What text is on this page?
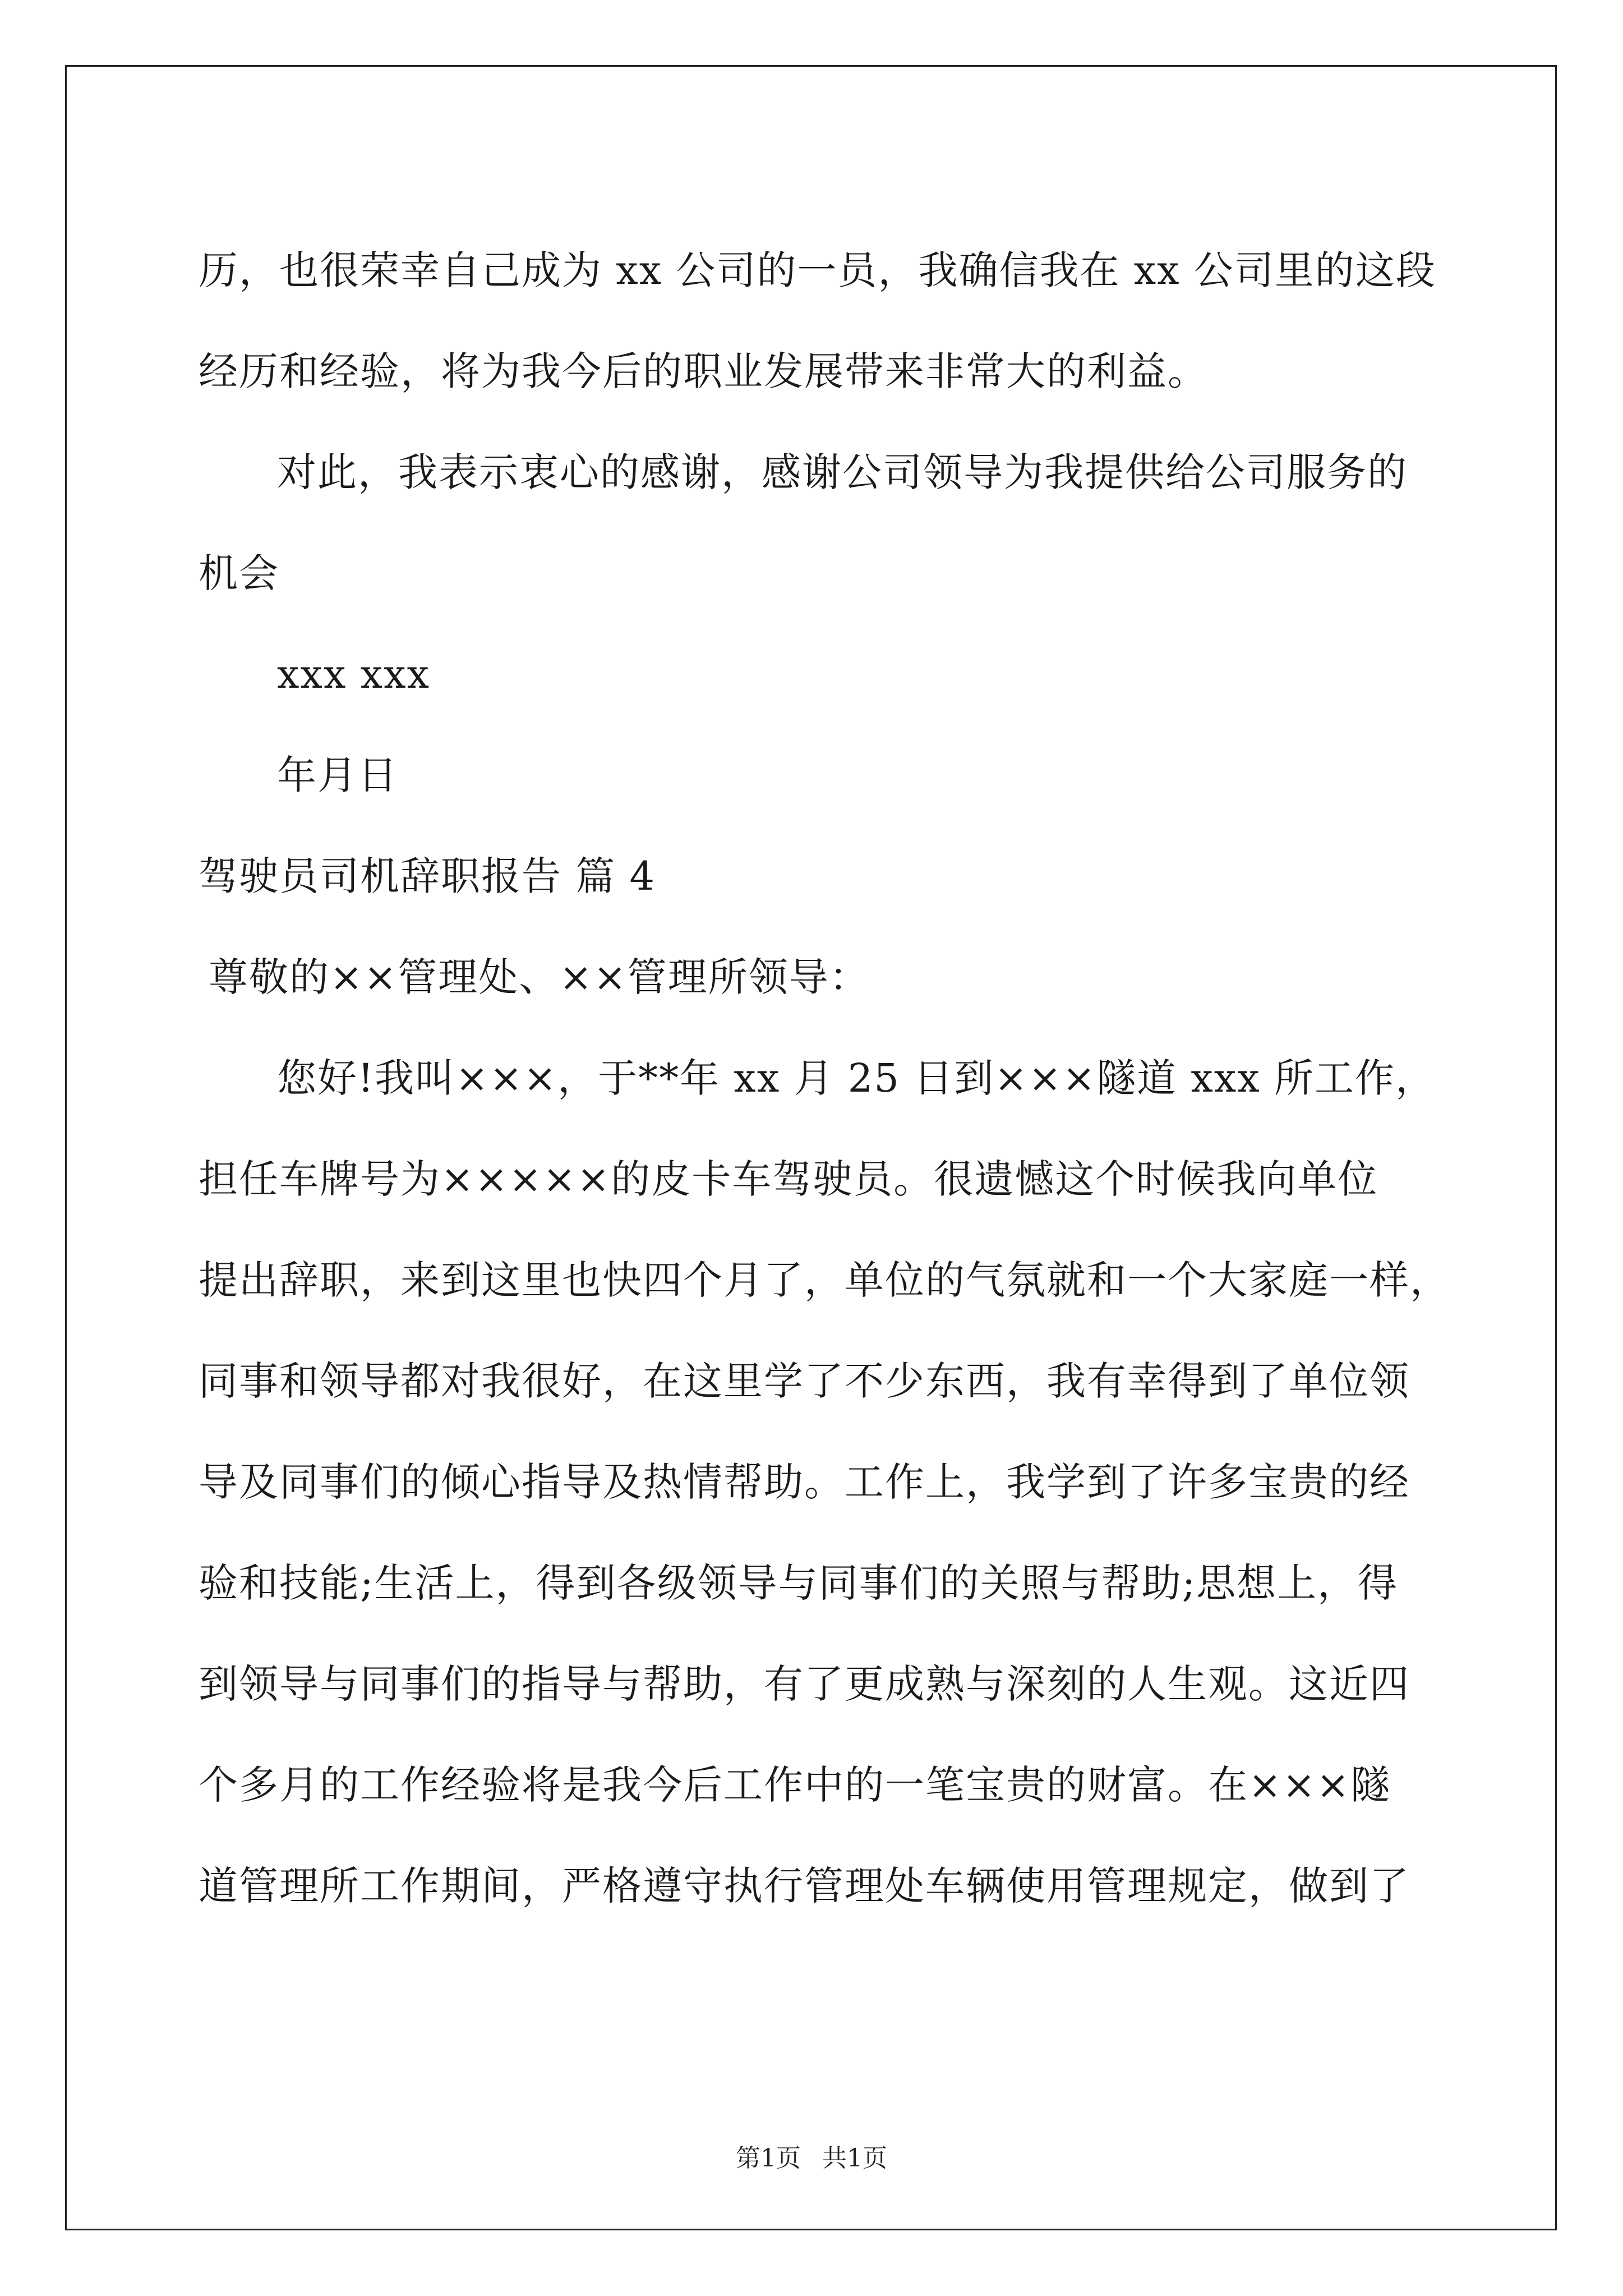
历，也很荣幸自己成为 xx 公司的一员，我确信我在 xx 公司里的这段
经历和经验，将为我今后的职业发展带来非常大的利益。
对此，我表示衷心的感谢，感谢公司领导为我提供给公司服务的
机会
xxx xxx
年月日
驾驶员司机辞职报告 篇 4
尊敬的××管理处、××管理所领导：
您好!我叫×××，于**年 xx 月 25 日到×××隧道 xxx 所工作，
担任车牌号为×××××的皮卡车驾驶员。很遗憾这个时候我向单位
提出辞职，来到这里也快四个月了，单位的气氛就和一个大家庭一样，
同事和领导都对我很好，在这里学了不少东西，我有幸得到了单位领
导及同事们的倾心指导及热情帮助。工作上，我学到了许多宝贵的经
验和技能;生活上，得到各级领导与同事们的关照与帮助;思想上，得
到领导与同事们的指导与帮助，有了更成熟与深刻的人生观。这近四
个多月的工作经验将是我今后工作中的一笔宝贵的财富。在×××隧
道管理所工作期间，严格遵守执行管理处车辆使用管理规定，做到了
第1页 共1页
